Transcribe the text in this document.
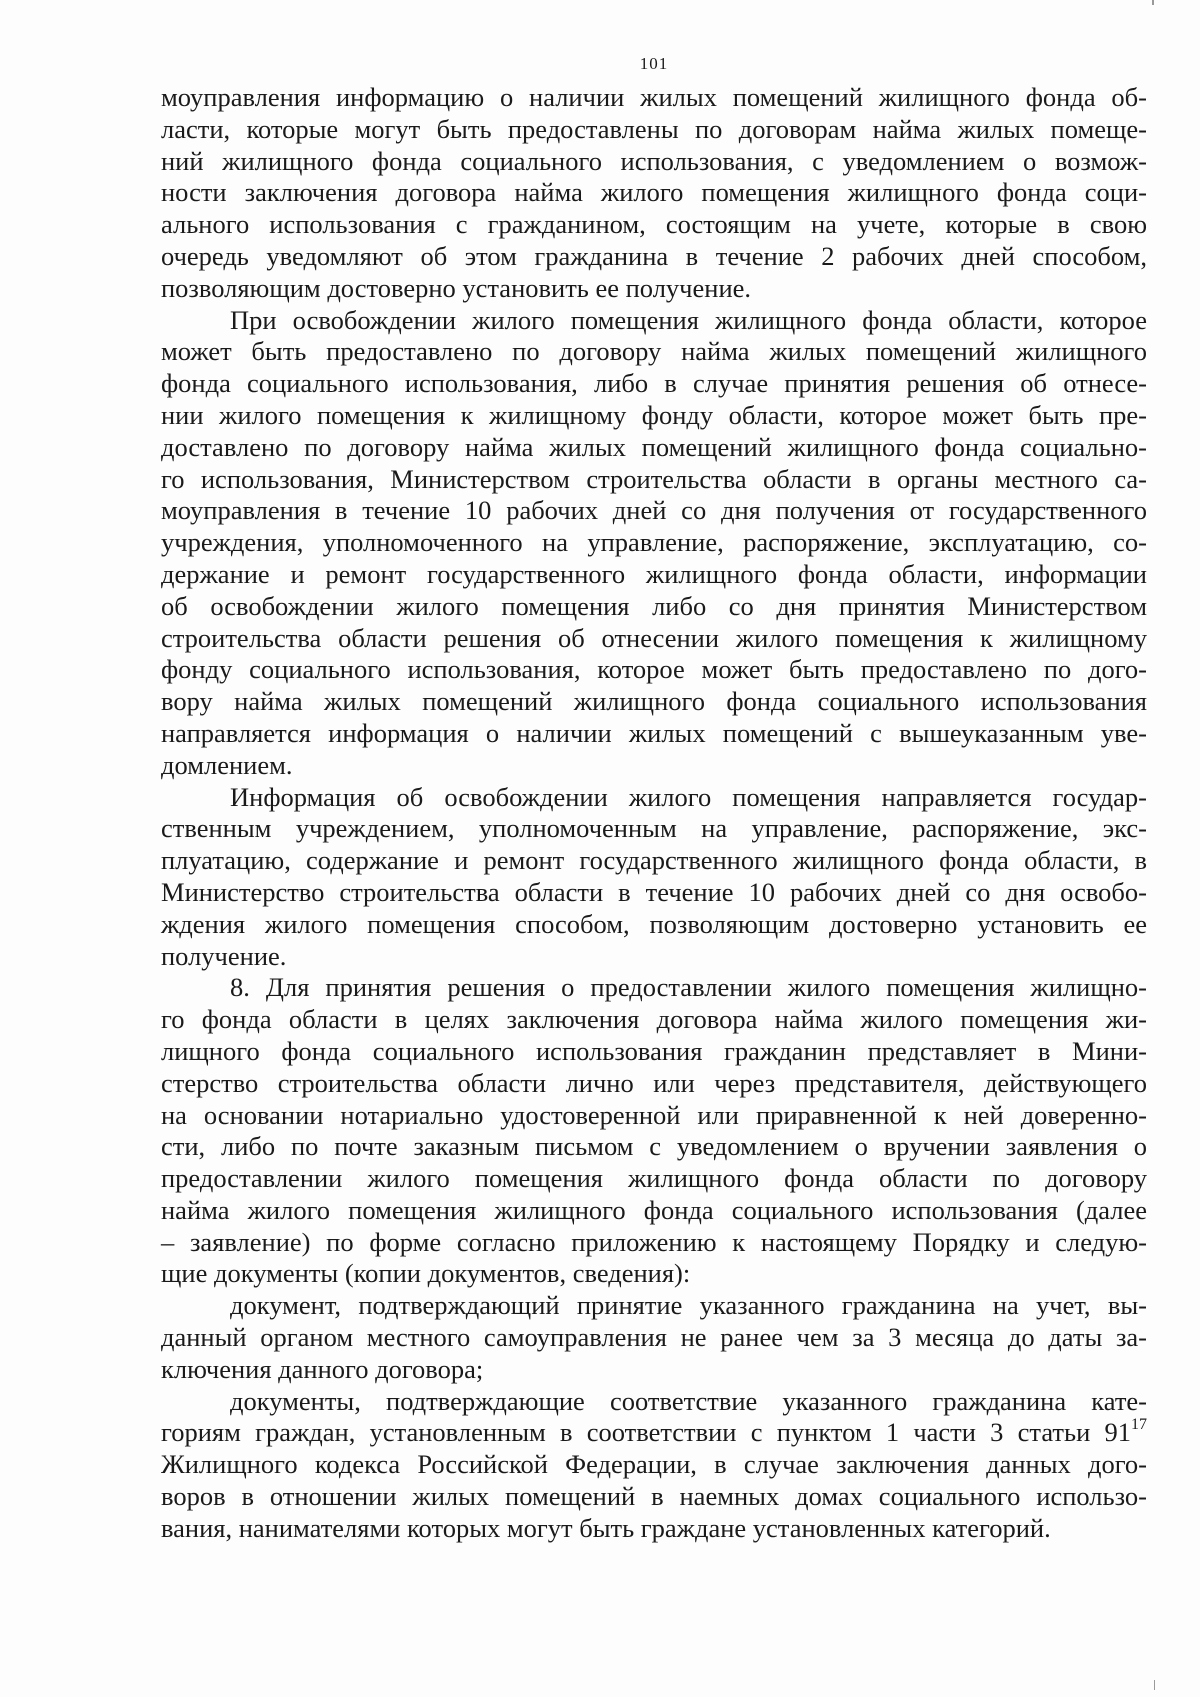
101
моуправления информацию о наличии жилых помещений жилищного фонда об-
ласти, которые могут быть предоставлены по договорам найма жилых помеще-
ний жилищного фонда социального использования, с уведомлением о возмож-
ности заключения договора найма жилого помещения жилищного фонда соци-
ального использования с гражданином, состоящим на учете, которые в свою
очередь уведомляют об этом гражданина в течение 2 рабочих дней способом,
позволяющим достоверно установить ее получение.
При освобождении жилого помещения жилищного фонда области, которое
может быть предоставлено по договору найма жилых помещений жилищного
фонда социального использования, либо в случае принятия решения об отнесе-
нии жилого помещения к жилищному фонду области, которое может быть пре-
доставлено по договору найма жилых помещений жилищного фонда социально-
го использования, Министерством строительства области в органы местного са-
моуправления в течение 10 рабочих дней со дня получения от государственного
учреждения, уполномоченного на управление, распоряжение, эксплуатацию, со-
держание и ремонт государственного жилищного фонда области, информации
об освобождении жилого помещения либо со дня принятия Министерством
строительства области решения об отнесении жилого помещения к жилищному
фонду социального использования, которое может быть предоставлено по дого-
вору найма жилых помещений жилищного фонда социального использования
направляется информация о наличии жилых помещений с вышеуказанным уве-
домлением.
Информация об освобождении жилого помещения направляется государ-
ственным учреждением, уполномоченным на управление, распоряжение, экс-
плуатацию, содержание и ремонт государственного жилищного фонда области, в
Министерство строительства области в течение 10 рабочих дней со дня освобо-
ждения жилого помещения способом, позволяющим достоверно установить ее
получение.
8. Для принятия решения о предоставлении жилого помещения жилищно-
го фонда области в целях заключения договора найма жилого помещения жи-
лищного фонда социального использования гражданин представляет в Мини-
стерство строительства области лично или через представителя, действующего
на основании нотариально удостоверенной или приравненной к ней доверенно-
сти, либо по почте заказным письмом с уведомлением о вручении заявления о
предоставлении жилого помещения жилищного фонда области по договору
найма жилого помещения жилищного фонда социального использования (далее
– заявление) по форме согласно приложению к настоящему Порядку и следую-
щие документы (копии документов, сведения):
документ, подтверждающий принятие указанного гражданина на учет, вы-
данный органом местного самоуправления не ранее чем за 3 месяца до даты за-
ключения данного договора;
документы, подтверждающие соответствие указанного гражданина кате-
гориям граждан, установленным в соответствии с пунктом 1 части 3 статьи 91$^{17}$
Жилищного кодекса Российской Федерации, в случае заключения данных дого-
воров в отношении жилых помещений в наемных домах социального использо-
вания, нанимателями которых могут быть граждане установленных категорий.
